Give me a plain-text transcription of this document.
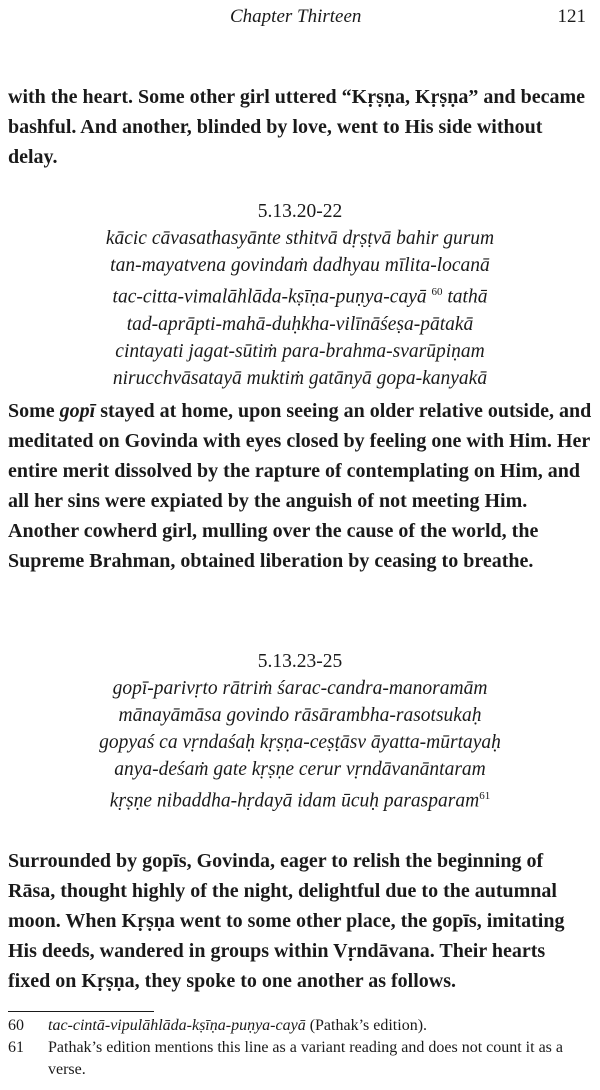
Chapter Thirteen	121

with the heart. Some other girl uttered “Kṛṣṇa, Kṛṣṇa” and became bashful. And another, blinded by love, went to His side without delay.

5.13.20-22
kācic cāvasathasyānte sthitvā dṛṣṭvā bahir gurum
tan-mayatvena govindaṁ dadhyau mīlita-locanā
tac-citta-vimalāhlāda-kṣīṇa-puṇya-cayā $^{60}$ tathā
tad-aprāpti-mahā-duḥkha-vilīnāśeṣa-pātakā
cintayati jagat-sūtiṁ para-brahma-svarūpiṇam
nirucchvāsatayā muktiṁ gatānyā gopa-kanyakā

Some gopī stayed at home, upon seeing an older relative outside, and meditated on Govinda with eyes closed by feeling one with Him. Her entire merit dissolved by the rapture of contemplating on Him, and all her sins were expiated by the anguish of not meeting Him. Another cowherd girl, mulling over the cause of the world, the Supreme Brahman, obtained liberation by ceasing to breathe.

5.13.23-25
gopī-parivṛto rātriṁ śarac-candra-manoramām
mānayāmāsa govindo rāsārambha-rasotsukaḥ
gopyaś ca vṛndaśaḥ kṛṣṇa-ceṣṭāsv āyatta-mūrtayaḥ
anya-deśaṁ gate kṛṣṇe cerur vṛndāvanāntaram
kṛṣṇe nibaddha-hṛdayā idam ūcuḥ parasparam$^{61}$

Surrounded by gopīs, Govinda, eager to relish the beginning of Rāsa, thought highly of the night, delightful due to the autumnal moon. When Kṛṣṇa went to some other place, the gopīs, imitating His deeds, wandered in groups within Vṛndāvana. Their hearts fixed on Kṛṣṇa, they spoke to one another as follows.

60 tac-cintā-vipulāhlāda-kṣīṇa-puṇya-cayā (Pathak’s edition).
61 Pathak’s edition mentions this line as a variant reading and does not count it as a verse.
